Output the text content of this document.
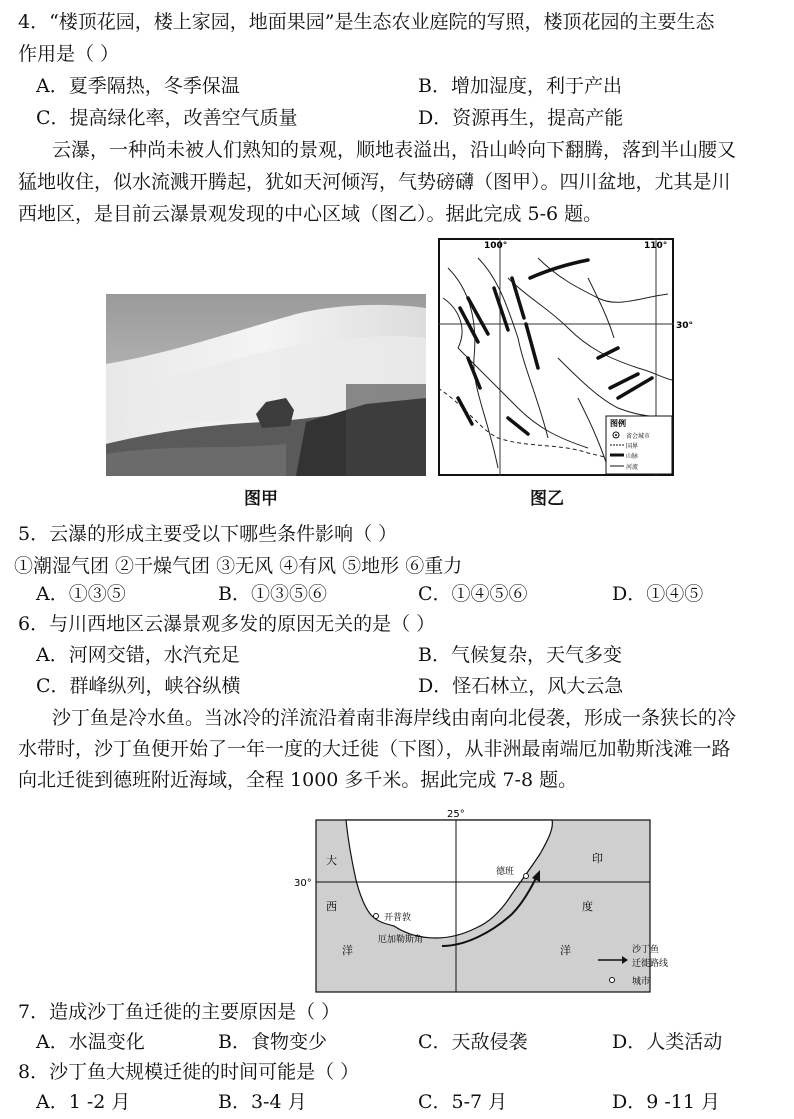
4．“楼顶花园，楼上家园，地面果园”是生态农业庭院的写照，楼顶花园的主要生态
作用是（ ）
A．夏季隔热，冬季保温	B．增加湿度，利于产出
C．提高绿化率，改善空气质量	D．资源再生，提高产能
云瀑，一种尚未被人们熟知的景观，顺地表溢出，沿山岭向下翻腾，落到半山腰又
猛地收住，似水流溅开腾起，犹如天河倾泻，气势磅礴（图甲）。四川盆地，尤其是川
西地区，是目前云瀑景观发现的中心区域（图乙）。据此完成 5-6 题。
图甲
100°	110°
30°
图例
省会城市
国界
山脉
河流
图乙
5．云瀑的形成主要受以下哪些条件影响（ ）
①潮湿气团 ②干燥气团 ③无风 ④有风 ⑤地形 ⑥重力
A．①③⑤	B．①③⑤⑥	C．①④⑤⑥	D．①④⑤
6．与川西地区云瀑景观多发的原因无关的是（ ）
A．河网交错，水汽充足	B．气候复杂，天气多变
C．群峰纵列，峡谷纵横	D．怪石林立，风大云急
沙丁鱼是冷水鱼。当冰冷的洋流沿着南非海岸线由南向北侵袭，形成一条狭长的冷
水带时，沙丁鱼便开始了一年一度的大迁徙（下图），从非洲最南端厄加勒斯浅滩一路
向北迁徙到德班附近海域，全程 1000 多千米。据此完成 7-8 题。
25°
30°
大
西
洋
印
度
洋
德班
开普敦
厄加勒斯角
沙丁鱼
迁徙路线
城市
7．造成沙丁鱼迁徙的主要原因是（ ）
A．水温变化	B．食物变少	C．天敌侵袭	D．人类活动
8．沙丁鱼大规模迁徙的时间可能是（ ）
A．1 -2 月	B．3-4 月	C．5-7 月	D．9 -11 月
